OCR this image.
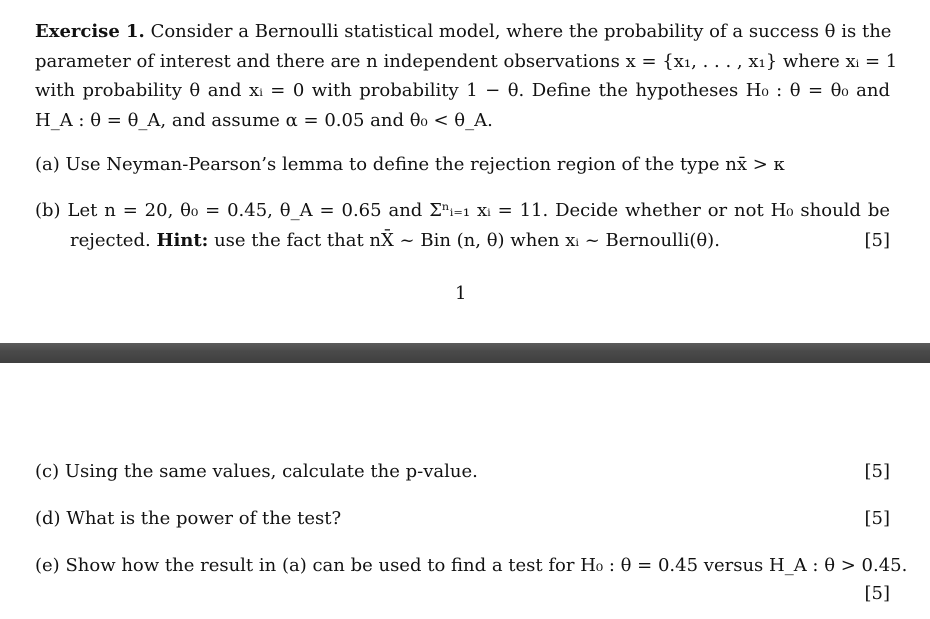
Exercise 1. Consider a Bernoulli statistical model, where the probability of a success θ is the
parameter of interest and there are n independent observations x = {x₁, . . . , x₁} where xᵢ = 1
with probability θ and xᵢ = 0 with probability 1 − θ. Define the hypotheses H₀ : θ = θ₀ and
H_A : θ = θ_A, and assume α = 0.05 and θ₀ < θ_A.
(a) Use Neyman-Pearson’s lemma to define the rejection region of the type nx̄ > κ
(b) Let n = 20, θ₀ = 0.45, θ_A = 0.65 and Σⁿᵢ₌₁ xᵢ = 11. Decide whether or not H₀ should be
rejected. Hint: use the fact that nX̄ ~ Bin (n, θ) when xᵢ ~ Bernoulli(θ).	[5]
1
(c) Using the same values, calculate the p-value.	[5]
(d) What is the power of the test?	[5]
(e) Show how the result in (a) can be used to find a test for H₀ : θ = 0.45 versus H_A : θ > 0.45.
[5]
